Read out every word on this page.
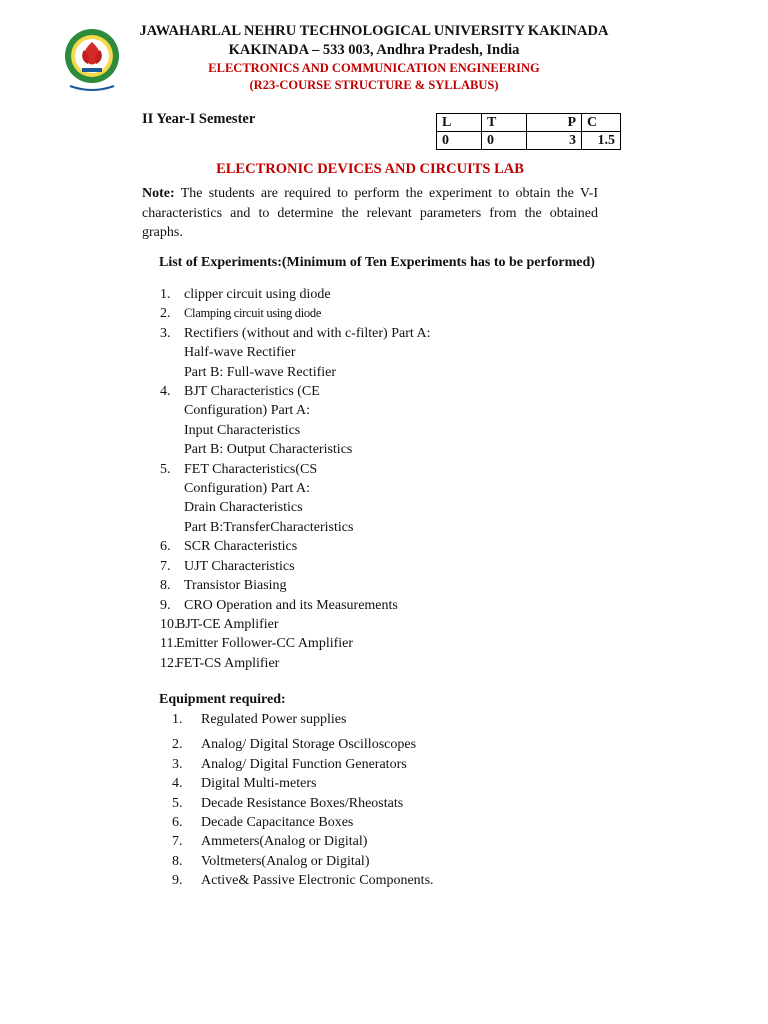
JAWAHARLAL NEHRU TECHNOLOGICAL UNIVERSITY KAKINADA
KAKINADA – 533 003, Andhra Pradesh, India
ELECTRONICS AND COMMUNICATION ENGINEERING
(R23-COURSE STRUCTURE & SYLLABUS)
II Year-I Semester	L	T	P	C
0	0	3	1.5
ELECTRONIC DEVICES AND CIRCUITS LAB
Note: The students are required to perform the experiment to obtain the V-I characteristics and to determine the relevant parameters from the obtained graphs.
List of Experiments:(Minimum of Ten Experiments has to be performed)
1. clipper circuit using diode
2.	Clamping circuit using diode
3. Rectifiers (without and with c-filter) Part A:
Half-wave Rectifier
Part B: Full-wave Rectifier
4. BJT Characteristics (CE
Configuration) Part A:
Input Characteristics
Part B: Output Characteristics
5. FET Characteristics(CS
Configuration) Part A:
Drain Characteristics
Part B:TransferCharacteristics
6. SCR Characteristics
7. UJT Characteristics
8. Transistor Biasing
9. CRO Operation and its Measurements
10.
BJT-CE Amplifier
11. Emitter Follower-CC Amplifier
12.
FET-CS Amplifier
Equipment required:
1.	Regulated Power supplies
2.	Analog/ Digital Storage Oscilloscopes
3.	Analog/ Digital Function Generators
4.	Digital Multi-meters
5.	Decade Resistance Boxes/Rheostats
6.	Decade Capacitance Boxes
7.	Ammeters(Analog or Digital)
8.	Voltmeters(Analog or Digital)
9.	Active& Passive Electronic Components.
